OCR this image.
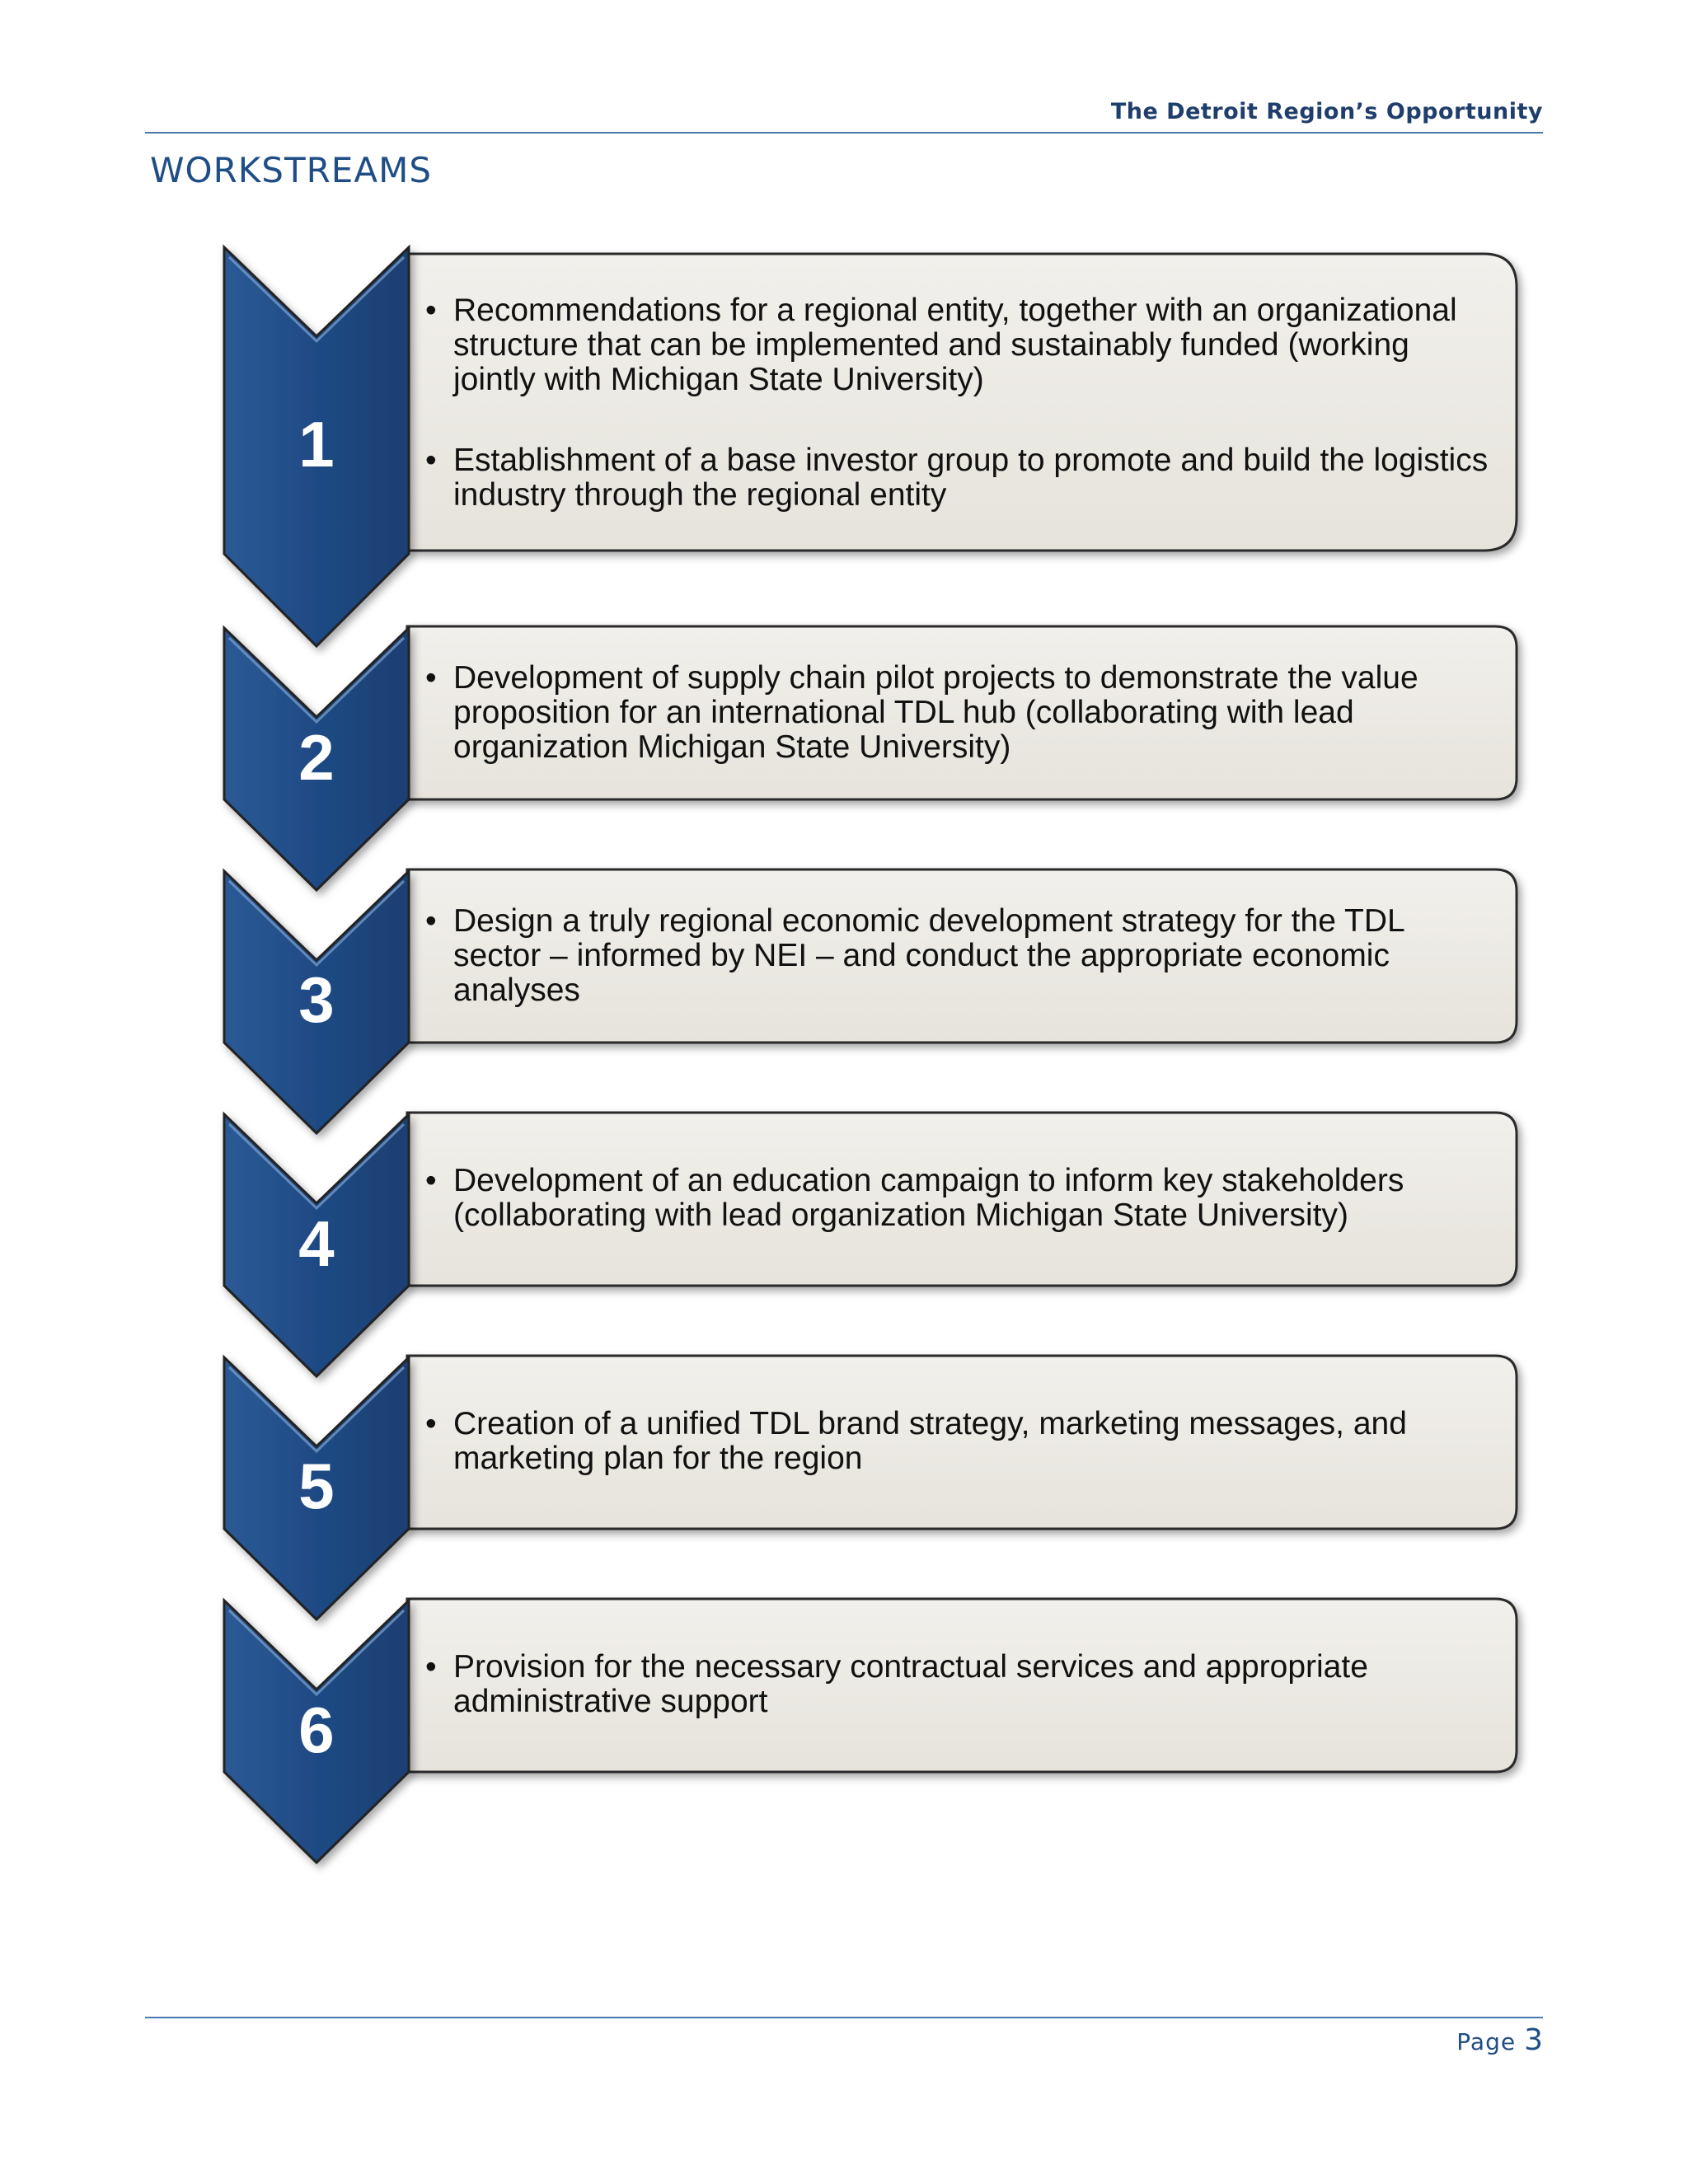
The Detroit Region’s Opportunity
WORKSTREAMS
1
2
3
4
5
6
• Recommendations for a regional entity, together with an organizational structure that can be implemented and sustainably funded (working jointly with Michigan State University)
• Establishment of a base investor group to promote and build the logistics industry through the regional entity
• Development of supply chain pilot projects to demonstrate the value proposition for an international TDL hub (collaborating with lead organization Michigan State University)
• Design a truly regional economic development strategy for the TDL sector – informed by NEI – and conduct the appropriate economic analyses
• Development of an education campaign to inform key stakeholders (collaborating with lead organization Michigan State University)
• Creation of a unified TDL brand strategy, marketing messages, and marketing plan for the region
• Provision for the necessary contractual services and appropriate administrative support
Page 3
